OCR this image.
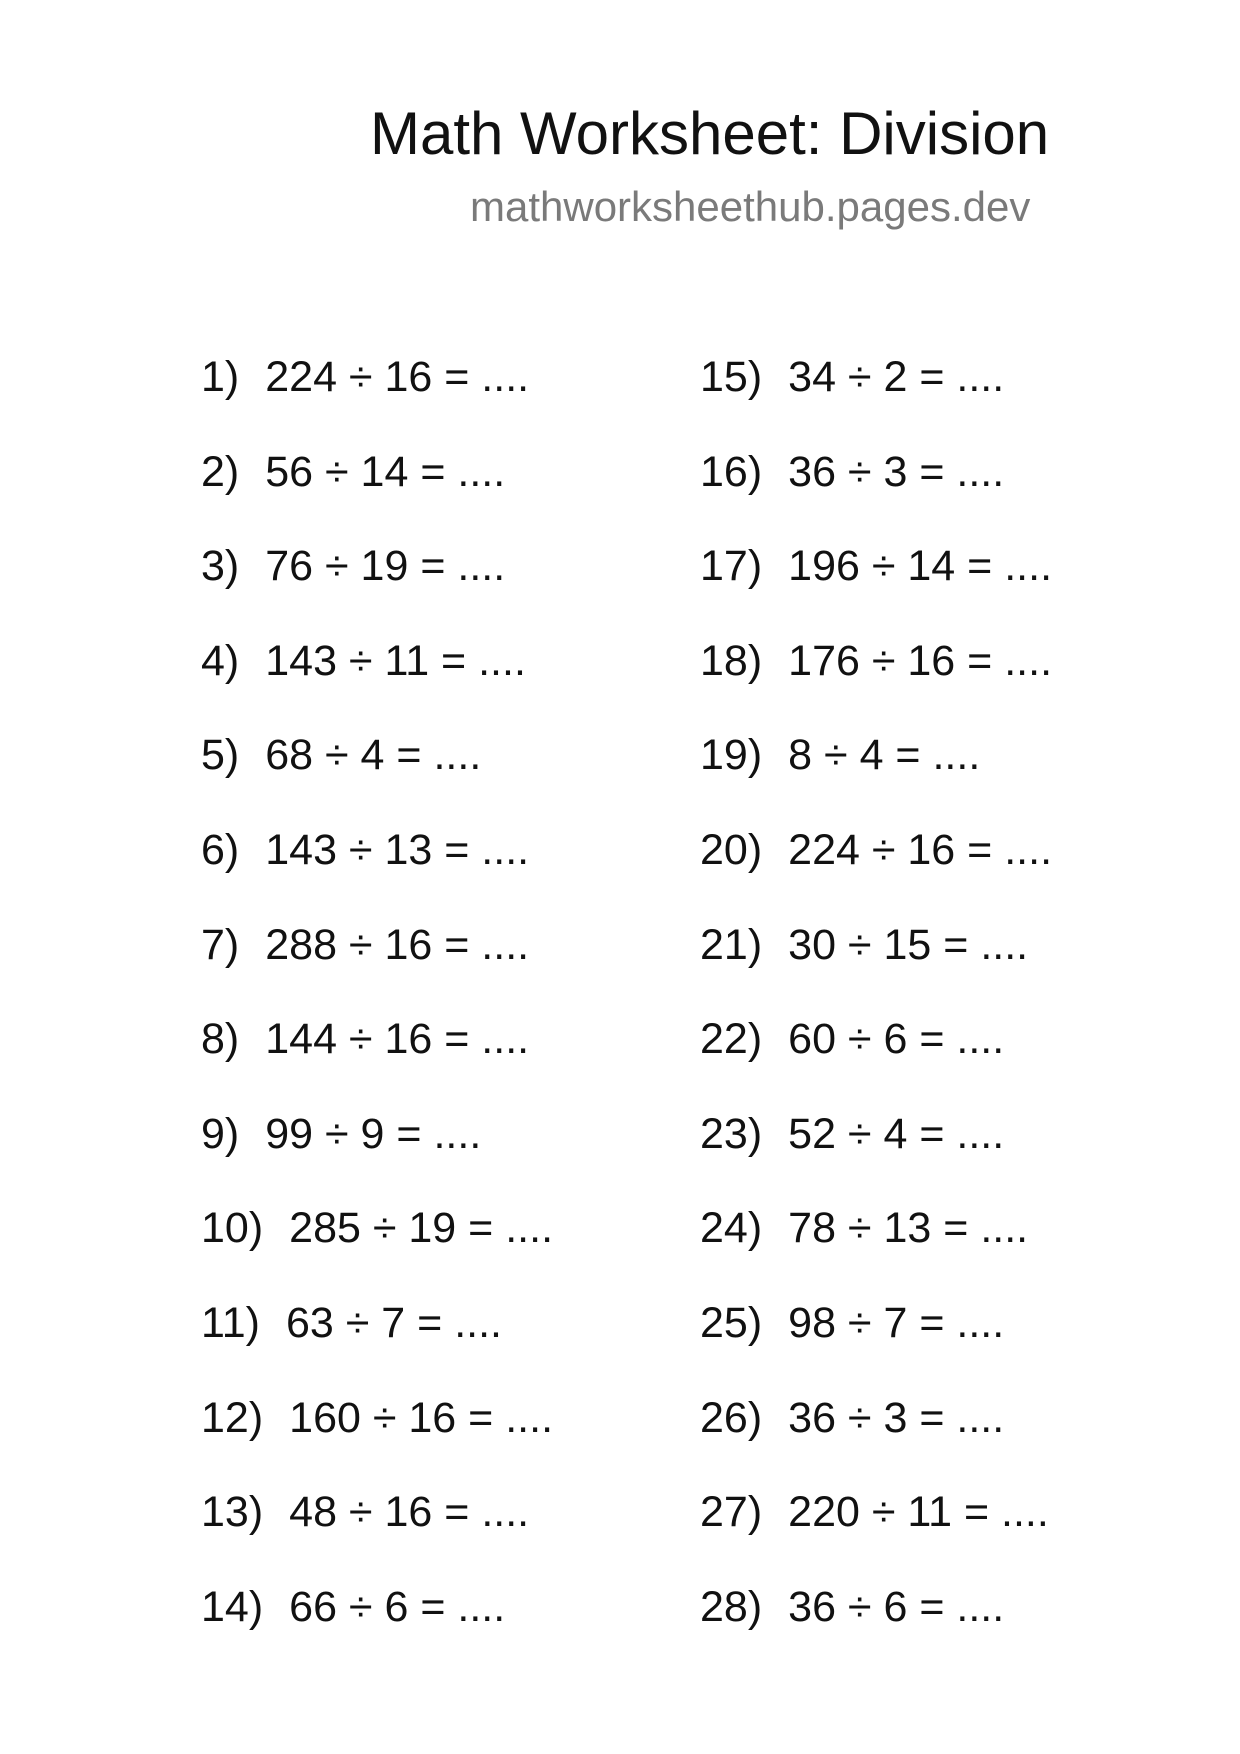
Math Worksheet: Division
mathworksheethub.pages.dev
1) 224 ÷ 16 = ....
2) 56 ÷ 14 = ....
3) 76 ÷ 19 = ....
4) 143 ÷ 11 = ....
5) 68 ÷ 4 = ....
6) 143 ÷ 13 = ....
7) 288 ÷ 16 = ....
8) 144 ÷ 16 = ....
9) 99 ÷ 9 = ....
10) 285 ÷ 19 = ....
11) 63 ÷ 7 = ....
12) 160 ÷ 16 = ....
13) 48 ÷ 16 = ....
14) 66 ÷ 6 = ....
15) 34 ÷ 2 = ....
16) 36 ÷ 3 = ....
17) 196 ÷ 14 = ....
18) 176 ÷ 16 = ....
19) 8 ÷ 4 = ....
20) 224 ÷ 16 = ....
21) 30 ÷ 15 = ....
22) 60 ÷ 6 = ....
23) 52 ÷ 4 = ....
24) 78 ÷ 13 = ....
25) 98 ÷ 7 = ....
26) 36 ÷ 3 = ....
27) 220 ÷ 11 = ....
28) 36 ÷ 6 = ....
